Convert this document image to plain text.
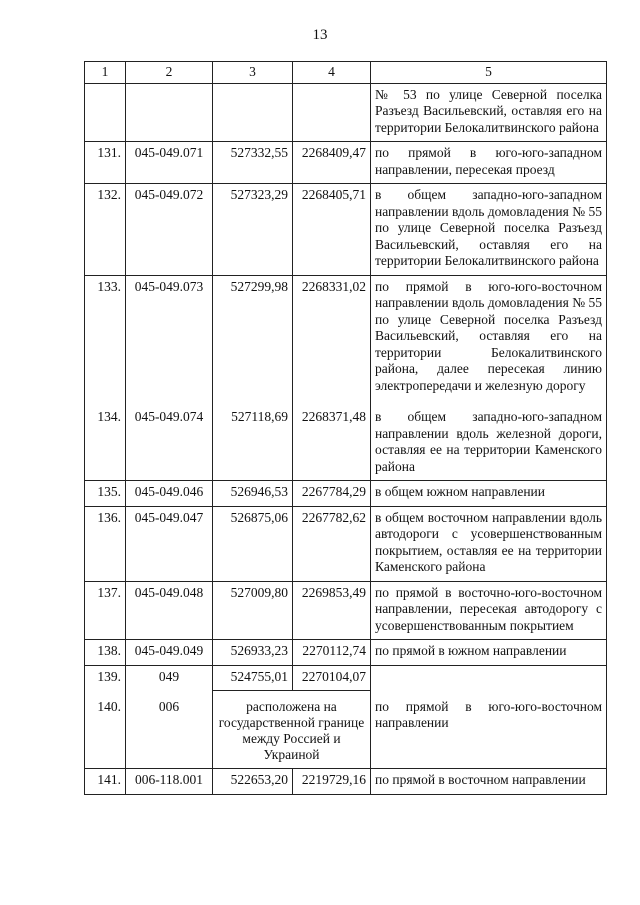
13
1	2	3	4	5
				№ 53 по улице Северной поселка Разъезд Васильевский, оставляя его на территории Белокалитвинского района
131.	045-049.071	527332,55	2268409,47	по прямой в юго-юго-западном направлении, пересекая проезд
132.	045-049.072	527323,29	2268405,71	в общем западно-юго-западном направлении вдоль домовладения № 55 по улице Северной поселка Разъезд Васильевский, оставляя его на территории Белокалитвинского района
133.	045-049.073	527299,98	2268331,02	по прямой в юго-юго-восточном направлении вдоль домовладения № 55 по улице Северной поселка Разъезд Васильевский, оставляя его на территории Белокалитвинского района, далее пересекая линию электропередачи и железную дорогу
134.	045-049.074	527118,69	2268371,48	в общем западно-юго-западном направлении вдоль железной дороги, оставляя ее на территории Каменского района
135.	045-049.046	526946,53	2267784,29	в общем южном направлении
136.	045-049.047	526875,06	2267782,62	в общем восточном направлении вдоль автодороги с усовершенствованным покрытием, оставляя ее на территории Каменского района
137.	045-049.048	527009,80	2269853,49	по прямой в восточно-юго-восточном направлении, пересекая автодорогу с усовершенствованным покрытием
138.	045-049.049	526933,23	2270112,74	по прямой в южном направлении
139.	049	524755,01	2270104,07	
140.	006	расположена на государственной границе между Россией и Украиной		по прямой в юго-юго-восточном направлении
141.	006-118.001	522653,20	2219729,16	по прямой в восточном направлении
